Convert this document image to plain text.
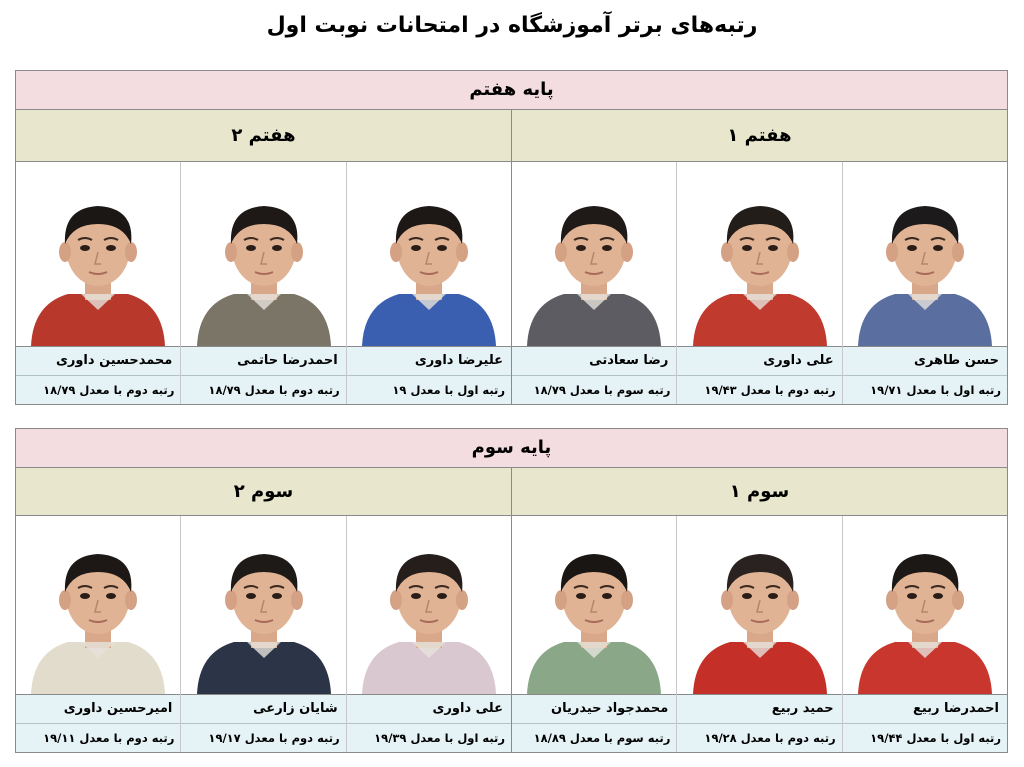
رتبه‌های برتر آموزشگاه در امتحانات نوبت اول
پایه هفتم
هفتم ۱
حسن طاهری
رتبه اول با معدل ۱۹/۷۱
علی داوری
رتبه دوم با معدل ۱۹/۴۳
رضا سعادتی
رتبه سوم با معدل ۱۸/۷۹
هفتم ۲
علیرضا داوری
رتبه اول با معدل ۱۹
احمدرضا حاتمی
رتبه دوم با معدل ۱۸/۷۹
محمدحسین داوری
رتبه دوم با معدل ۱۸/۷۹
پایه سوم
سوم ۱
احمدرضا ربیع
رتبه اول با معدل ۱۹/۴۴
حمید ربیع
رتبه دوم با معدل ۱۹/۲۸
محمدجواد حیدریان
رتبه سوم با معدل ۱۸/۸۹
سوم ۲
علی داوری
رتبه اول با معدل ۱۹/۳۹
شایان زارعی
رتبه دوم با معدل ۱۹/۱۷
امیرحسین داوری
رتبه دوم با معدل ۱۹/۱۱
